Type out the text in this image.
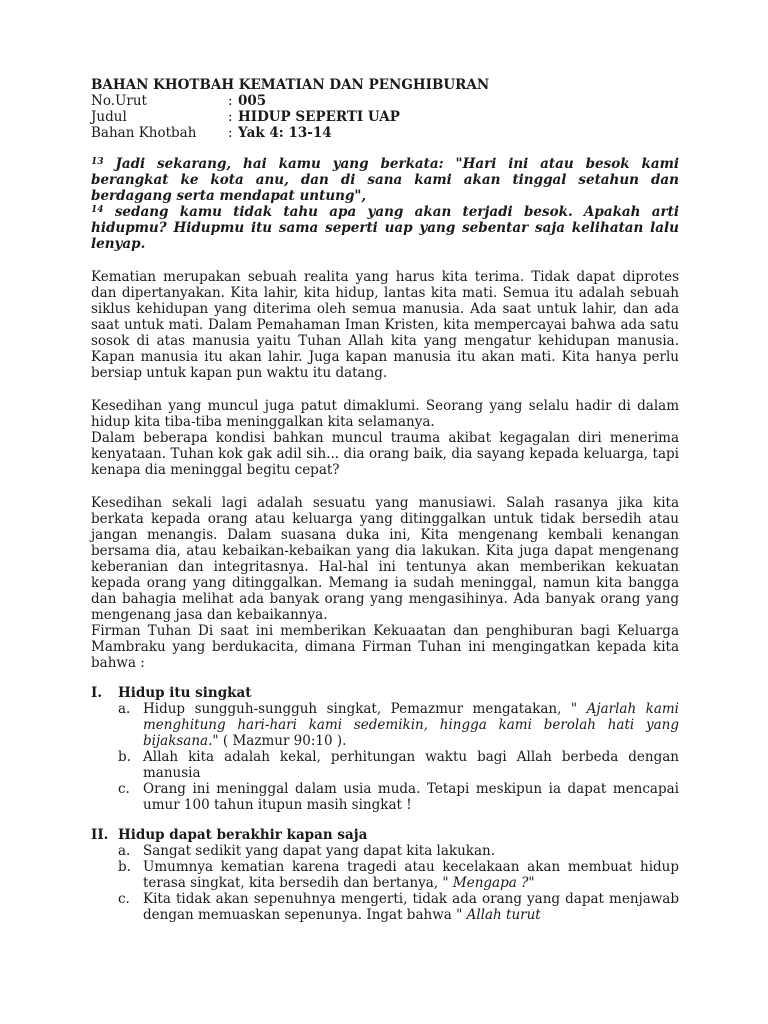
BAHAN KHOTBAH KEMATIAN DAN PENGHIBURAN

No.Urut	: 005
Judul	: HIDUP SEPERTI UAP
Bahan Khotbah	: Yak 4: 13-14

$^{13}$ Jadi sekarang, hai kamu yang berkata: "Hari ini atau besok kami berangkat ke kota anu, dan di sana kami akan tinggal setahun dan berdagang serta mendapat untung",

$^{14}$ sedang kamu tidak tahu apa yang akan terjadi besok. Apakah arti hidupmu? Hidupmu itu sama seperti uap yang sebentar saja kelihatan lalu lenyap.

Kematian merupakan sebuah realita yang harus kita terima. Tidak dapat diprotes dan dipertanyakan. Kita lahir, kita hidup, lantas kita mati. Semua itu adalah sebuah siklus kehidupan yang diterima oleh semua manusia. Ada saat untuk lahir, dan ada saat untuk mati. Dalam Pemahaman Iman Kristen, kita mempercayai bahwa ada satu sosok di atas manusia yaitu Tuhan Allah kita yang mengatur kehidupan manusia. Kapan manusia itu akan lahir. Juga kapan manusia itu akan mati. Kita hanya perlu bersiap untuk kapan pun waktu itu datang.

Kesedihan yang muncul juga patut dimaklumi. Seorang yang selalu hadir di dalam hidup kita tiba-tiba meninggalkan kita selamanya.

Dalam beberapa kondisi bahkan muncul trauma akibat kegagalan diri menerima kenyataan. Tuhan kok gak adil sih... dia orang baik, dia sayang kepada keluarga, tapi kenapa dia meninggal begitu cepat?

Kesedihan sekali lagi adalah sesuatu yang manusiawi. Salah rasanya jika kita berkata kepada orang atau keluarga yang ditinggalkan untuk tidak bersedih atau jangan menangis. Dalam suasana duka ini, Kita mengenang kembali kenangan bersama dia, atau kebaikan-kebaikan yang dia lakukan. Kita juga dapat mengenang keberanian dan integritasnya. Hal-hal ini tentunya akan memberikan kekuatan kepada orang yang ditinggalkan. Memang ia sudah meninggal, namun kita bangga dan bahagia melihat ada banyak orang yang mengasihinya. Ada banyak orang yang mengenang jasa dan kebaikannya.

Firman Tuhan Di saat ini memberikan Kekuaatan dan penghiburan bagi Keluarga Mambraku yang berdukacita, dimana Firman Tuhan ini mengingatkan kepada kita bahwa :

I.	Hidup itu singkat
a. Hidup sungguh-sungguh singkat, Pemazmur mengatakan, " Ajarlah kami menghitung hari-hari kami sedemikin, hingga kami berolah hati yang bijaksana." ( Mazmur 90:10 ).
b. Allah kita adalah kekal, perhitungan waktu bagi Allah berbeda dengan manusia
c. Orang ini meninggal dalam usia muda. Tetapi meskipun ia dapat mencapai umur 100 tahun itupun masih singkat !
II. Hidup dapat berakhir kapan saja
a. Sangat sedikit yang dapat yang dapat kita lakukan.
b. Umumnya kematian karena tragedi atau kecelakaan akan membuat hidup terasa singkat, kita bersedih dan bertanya, " Mengapa ?"
c. Kita tidak akan sepenuhnya mengerti, tidak ada orang yang dapat menjawab dengan memuaskan sepenunya. Ingat bahwa " Allah turut
